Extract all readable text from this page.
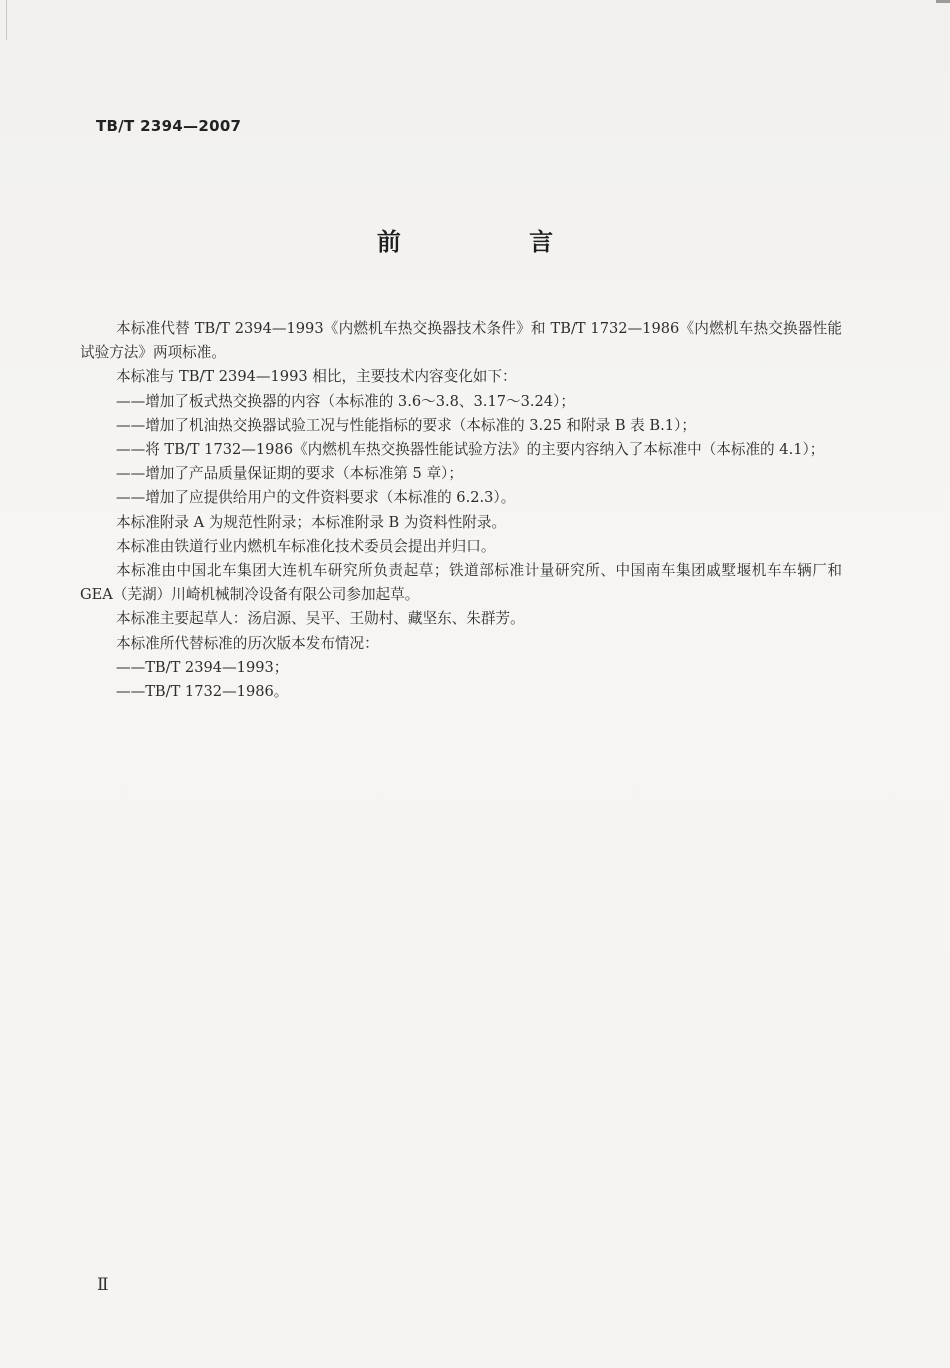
TB/T 2394—2007
前 言

本标准代替 TB/T 2394—1993《内燃机车热交换器技术条件》和 TB/T 1732—1986《内燃机车热交换器性能试验方法》两项标准。

本标准与 TB/T 2394—1993 相比，主要技术内容变化如下：

——增加了板式热交换器的内容（本标准的 3.6～3.8、3.17～3.24）；

——增加了机油热交换器试验工况与性能指标的要求（本标准的 3.25 和附录 B 表 B.1）；

——将 TB/T 1732—1986《内燃机车热交换器性能试验方法》的主要内容纳入了本标准中（本标准的 4.1）；

——增加了产品质量保证期的要求（本标准第 5 章）；

——增加了应提供给用户的文件资料要求（本标准的 6.2.3）。

本标准附录 A 为规范性附录；本标准附录 B 为资料性附录。

本标准由铁道行业内燃机车标准化技术委员会提出并归口。

本标准由中国北车集团大连机车研究所负责起草；铁道部标准计量研究所、中国南车集团戚墅堰机车车辆厂和 GEA（芜湖）川崎机械制冷设备有限公司参加起草。

本标准主要起草人：汤启源、吴平、王勋村、藏坚东、朱群芳。

本标准所代替标准的历次版本发布情况：

——TB/T 2394—1993；

——TB/T 1732—1986。

Ⅱ
